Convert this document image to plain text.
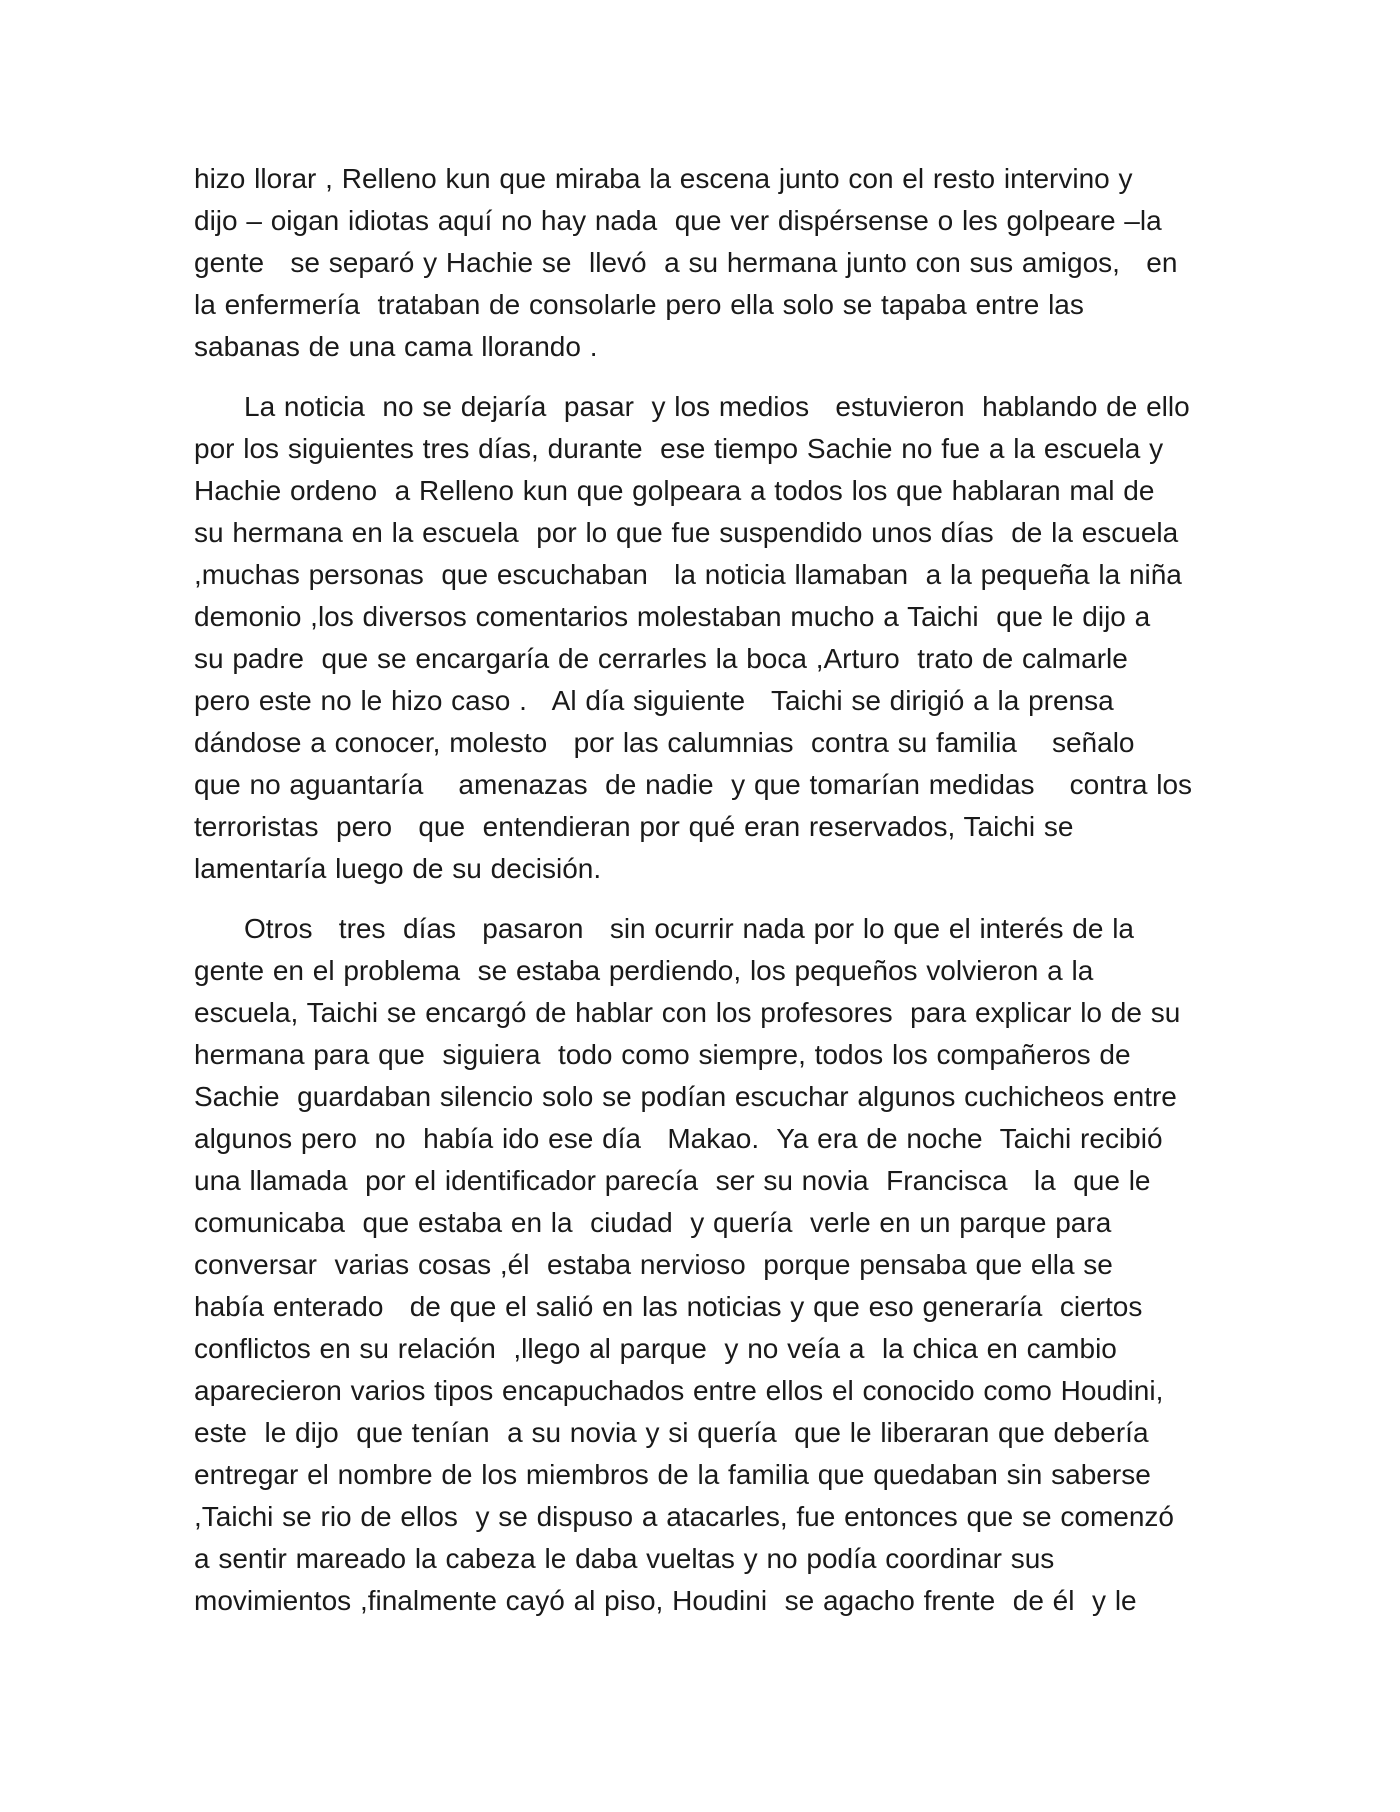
hizo llorar , Relleno kun que miraba la escena junto con el resto intervino y
dijo – oigan idiotas aquí no hay nada  que ver dispérsense o les golpeare –la
gente   se separó y Hachie se  llevó  a su hermana junto con sus amigos,   en
la enfermería  trataban de consolarle pero ella solo se tapaba entre las
sabanas de una cama llorando .

La noticia  no se dejaría  pasar  y los medios   estuvieron  hablando de ello
por los siguientes tres días, durante  ese tiempo Sachie no fue a la escuela y
Hachie ordeno  a Relleno kun que golpeara a todos los que hablaran mal de
su hermana en la escuela  por lo que fue suspendido unos días  de la escuela
,muchas personas  que escuchaban   la noticia llamaban  a la pequeña la niña
demonio ,los diversos comentarios molestaban mucho a Taichi  que le dijo a
su padre  que se encargaría de cerrarles la boca ,Arturo  trato de calmarle
pero este no le hizo caso .   Al día siguiente   Taichi se dirigió a la prensa
dándose a conocer, molesto   por las calumnias  contra su familia    señalo
que no aguantaría    amenazas  de nadie  y que tomarían medidas    contra los
terroristas  pero   que  entendieran por qué eran reservados, Taichi se
lamentaría luego de su decisión.

Otros   tres  días   pasaron   sin ocurrir nada por lo que el interés de la
gente en el problema  se estaba perdiendo, los pequeños volvieron a la
escuela, Taichi se encargó de hablar con los profesores  para explicar lo de su
hermana para que  siguiera  todo como siempre, todos los compañeros de
Sachie  guardaban silencio solo se podían escuchar algunos cuchicheos entre
algunos pero  no  había ido ese día   Makao.  Ya era de noche  Taichi recibió
una llamada  por el identificador parecía  ser su novia  Francisca   la  que le
comunicaba  que estaba en la  ciudad  y quería  verle en un parque para
conversar  varias cosas ,él  estaba nervioso  porque pensaba que ella se
había enterado   de que el salió en las noticias y que eso generaría  ciertos
conflictos en su relación  ,llego al parque  y no veía a  la chica en cambio
aparecieron varios tipos encapuchados entre ellos el conocido como Houdini,
este  le dijo  que tenían  a su novia y si quería  que le liberaran que debería
entregar el nombre de los miembros de la familia que quedaban sin saberse
,Taichi se rio de ellos  y se dispuso a atacarles, fue entonces que se comenzó
a sentir mareado la cabeza le daba vueltas y no podía coordinar sus
movimientos ,finalmente cayó al piso, Houdini  se agacho frente  de él  y le
